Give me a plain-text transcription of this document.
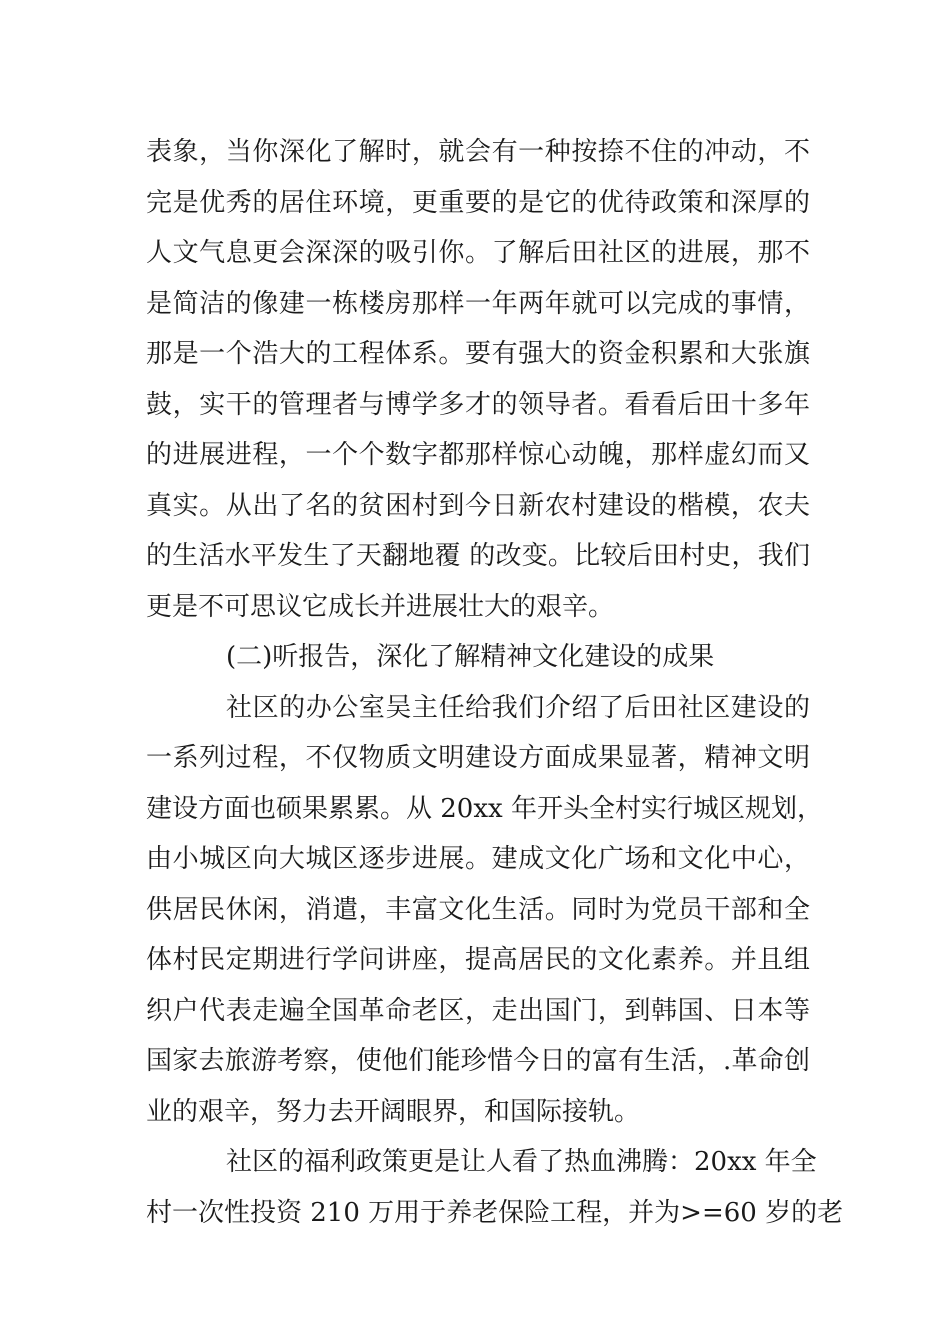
表象，当你深化了解时，就会有一种按捺不住的冲动，不
完是优秀的居住环境，更重要的是它的优待政策和深厚的
人文气息更会深深的吸引你。了解后田社区的进展，那不
是简洁的像建一栋楼房那样一年两年就可以完成的事情，
那是一个浩大的工程体系。要有强大的资金积累和大张旗
鼓，实干的管理者与博学多才的领导者。看看后田十多年
的进展进程，一个个数字都那样惊心动魄，那样虚幻而又
真实。从出了名的贫困村到今日新农村建设的楷模，农夫
的生活水平发生了天翻地覆 的改变。比较后田村史，我们
更是不可思议它成长并进展壮大的艰辛。
(二)听报告，深化了解精神文化建设的成果
社区的办公室吴主任给我们介绍了后田社区建设的
一系列过程，不仅物质文明建设方面成果显著，精神文明
建设方面也硕果累累。从 20xx 年开头全村实行城区规划，
由小城区向大城区逐步进展。建成文化广场和文化中心，
供居民休闲，消遣，丰富文化生活。同时为党员干部和全
体村民定期进行学问讲座，提高居民的文化素养。并且组
织户代表走遍全国革命老区，走出国门，到韩国、日本等
国家去旅游考察，使他们能珍惜今日的富有生活，.革命创
业的艰辛，努力去开阔眼界，和国际接轨。
社区的福利政策更是让人看了热血沸腾：20xx 年全
村一次性投资 210 万用于养老保险工程，并为>=60 岁的老
